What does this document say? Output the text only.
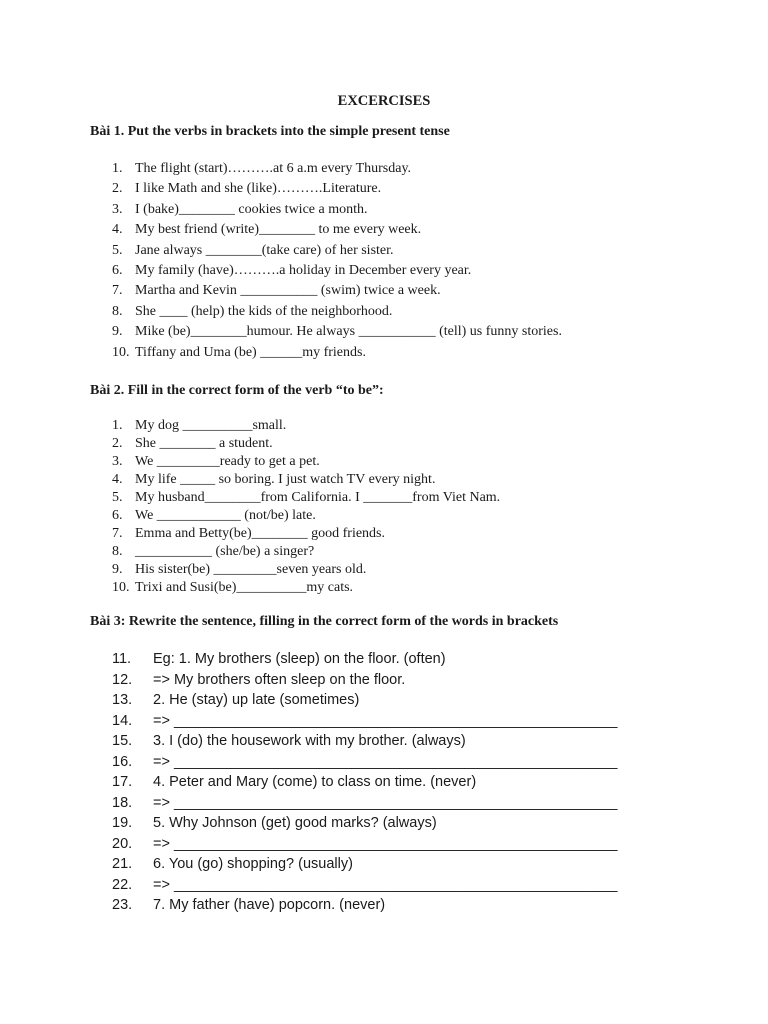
EXCERCISES
Bài 1. Put the verbs in brackets into the simple present tense
1. The flight (start)……….at 6 a.m every Thursday.
2. I like Math and she (like)……….Literature.
3. I (bake)________ cookies twice a month.
4. My best friend (write)________ to me every week.
5. Jane always ________(take care) of her sister.
6. My family (have)……….a holiday in December every year.
7. Martha and Kevin ___________ (swim) twice a week.
8. She ____ (help) the kids of the neighborhood.
9. Mike (be)________humour. He always ___________ (tell) us funny stories.
10. Tiffany and Uma (be) ______my friends.
Bài 2. Fill in the correct form of the verb “to be”:
1. My dog __________small.
2. She ________ a student.
3. We _________ready to get a pet.
4. My life _____ so boring. I just watch TV every night.
5. My husband________from California. I _______from Viet Nam.
6. We ____________ (not/be) late.
7. Emma and Betty(be)________ good friends.
8. ___________ (she/be) a singer?
9. His sister(be) _________seven years old.
10. Trixi and Susi(be)__________my cats.
Bài 3: Rewrite the sentence, filling in the correct form of the words in brackets
11. Eg: 1. My brothers (sleep) on the floor. (often)
12. => My brothers often sleep on the floor.
13. 2. He (stay) up late (sometimes)
14. => _______________________________________________________
15. 3. I (do) the housework with my brother. (always)
16. => _______________________________________________________
17. 4. Peter and Mary (come) to class on time. (never)
18. => _______________________________________________________
19. 5. Why Johnson (get) good marks? (always)
20. => _______________________________________________________
21. 6. You (go) shopping? (usually)
22. => _______________________________________________________
23. 7. My father (have) popcorn. (never)
